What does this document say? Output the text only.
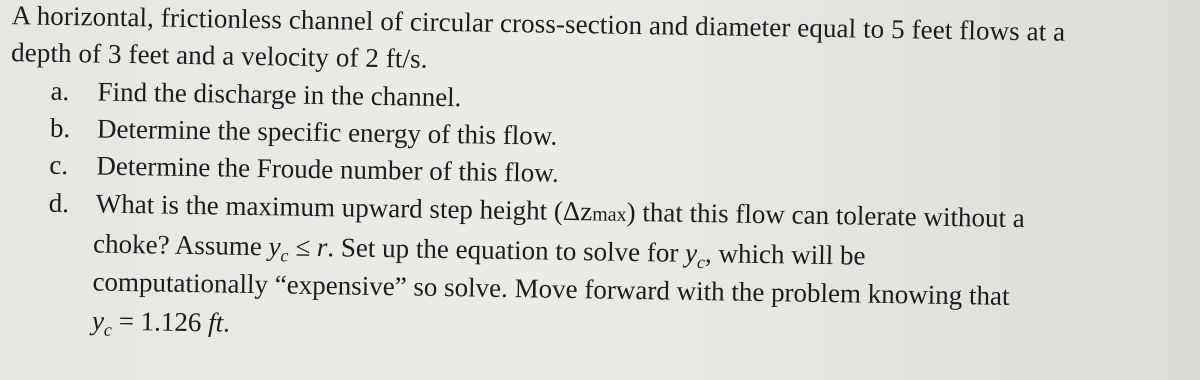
A horizontal, frictionless channel of circular cross-section and diameter equal to 5 feet flows at a
depth of 3 feet and a velocity of 2 ft/s.
a. Find the discharge in the channel.
b. Determine the specific energy of this flow.
c. Determine the Froude number of this flow.
d. What is the maximum upward step height (Δzmax) that this flow can tolerate without a
choke? Assume $y_c \le r$. Set up the equation to solve for $y_c$, which will be
computationally “expensive” so solve. Move forward with the problem knowing that
$y_c = 1.126$ ft.
